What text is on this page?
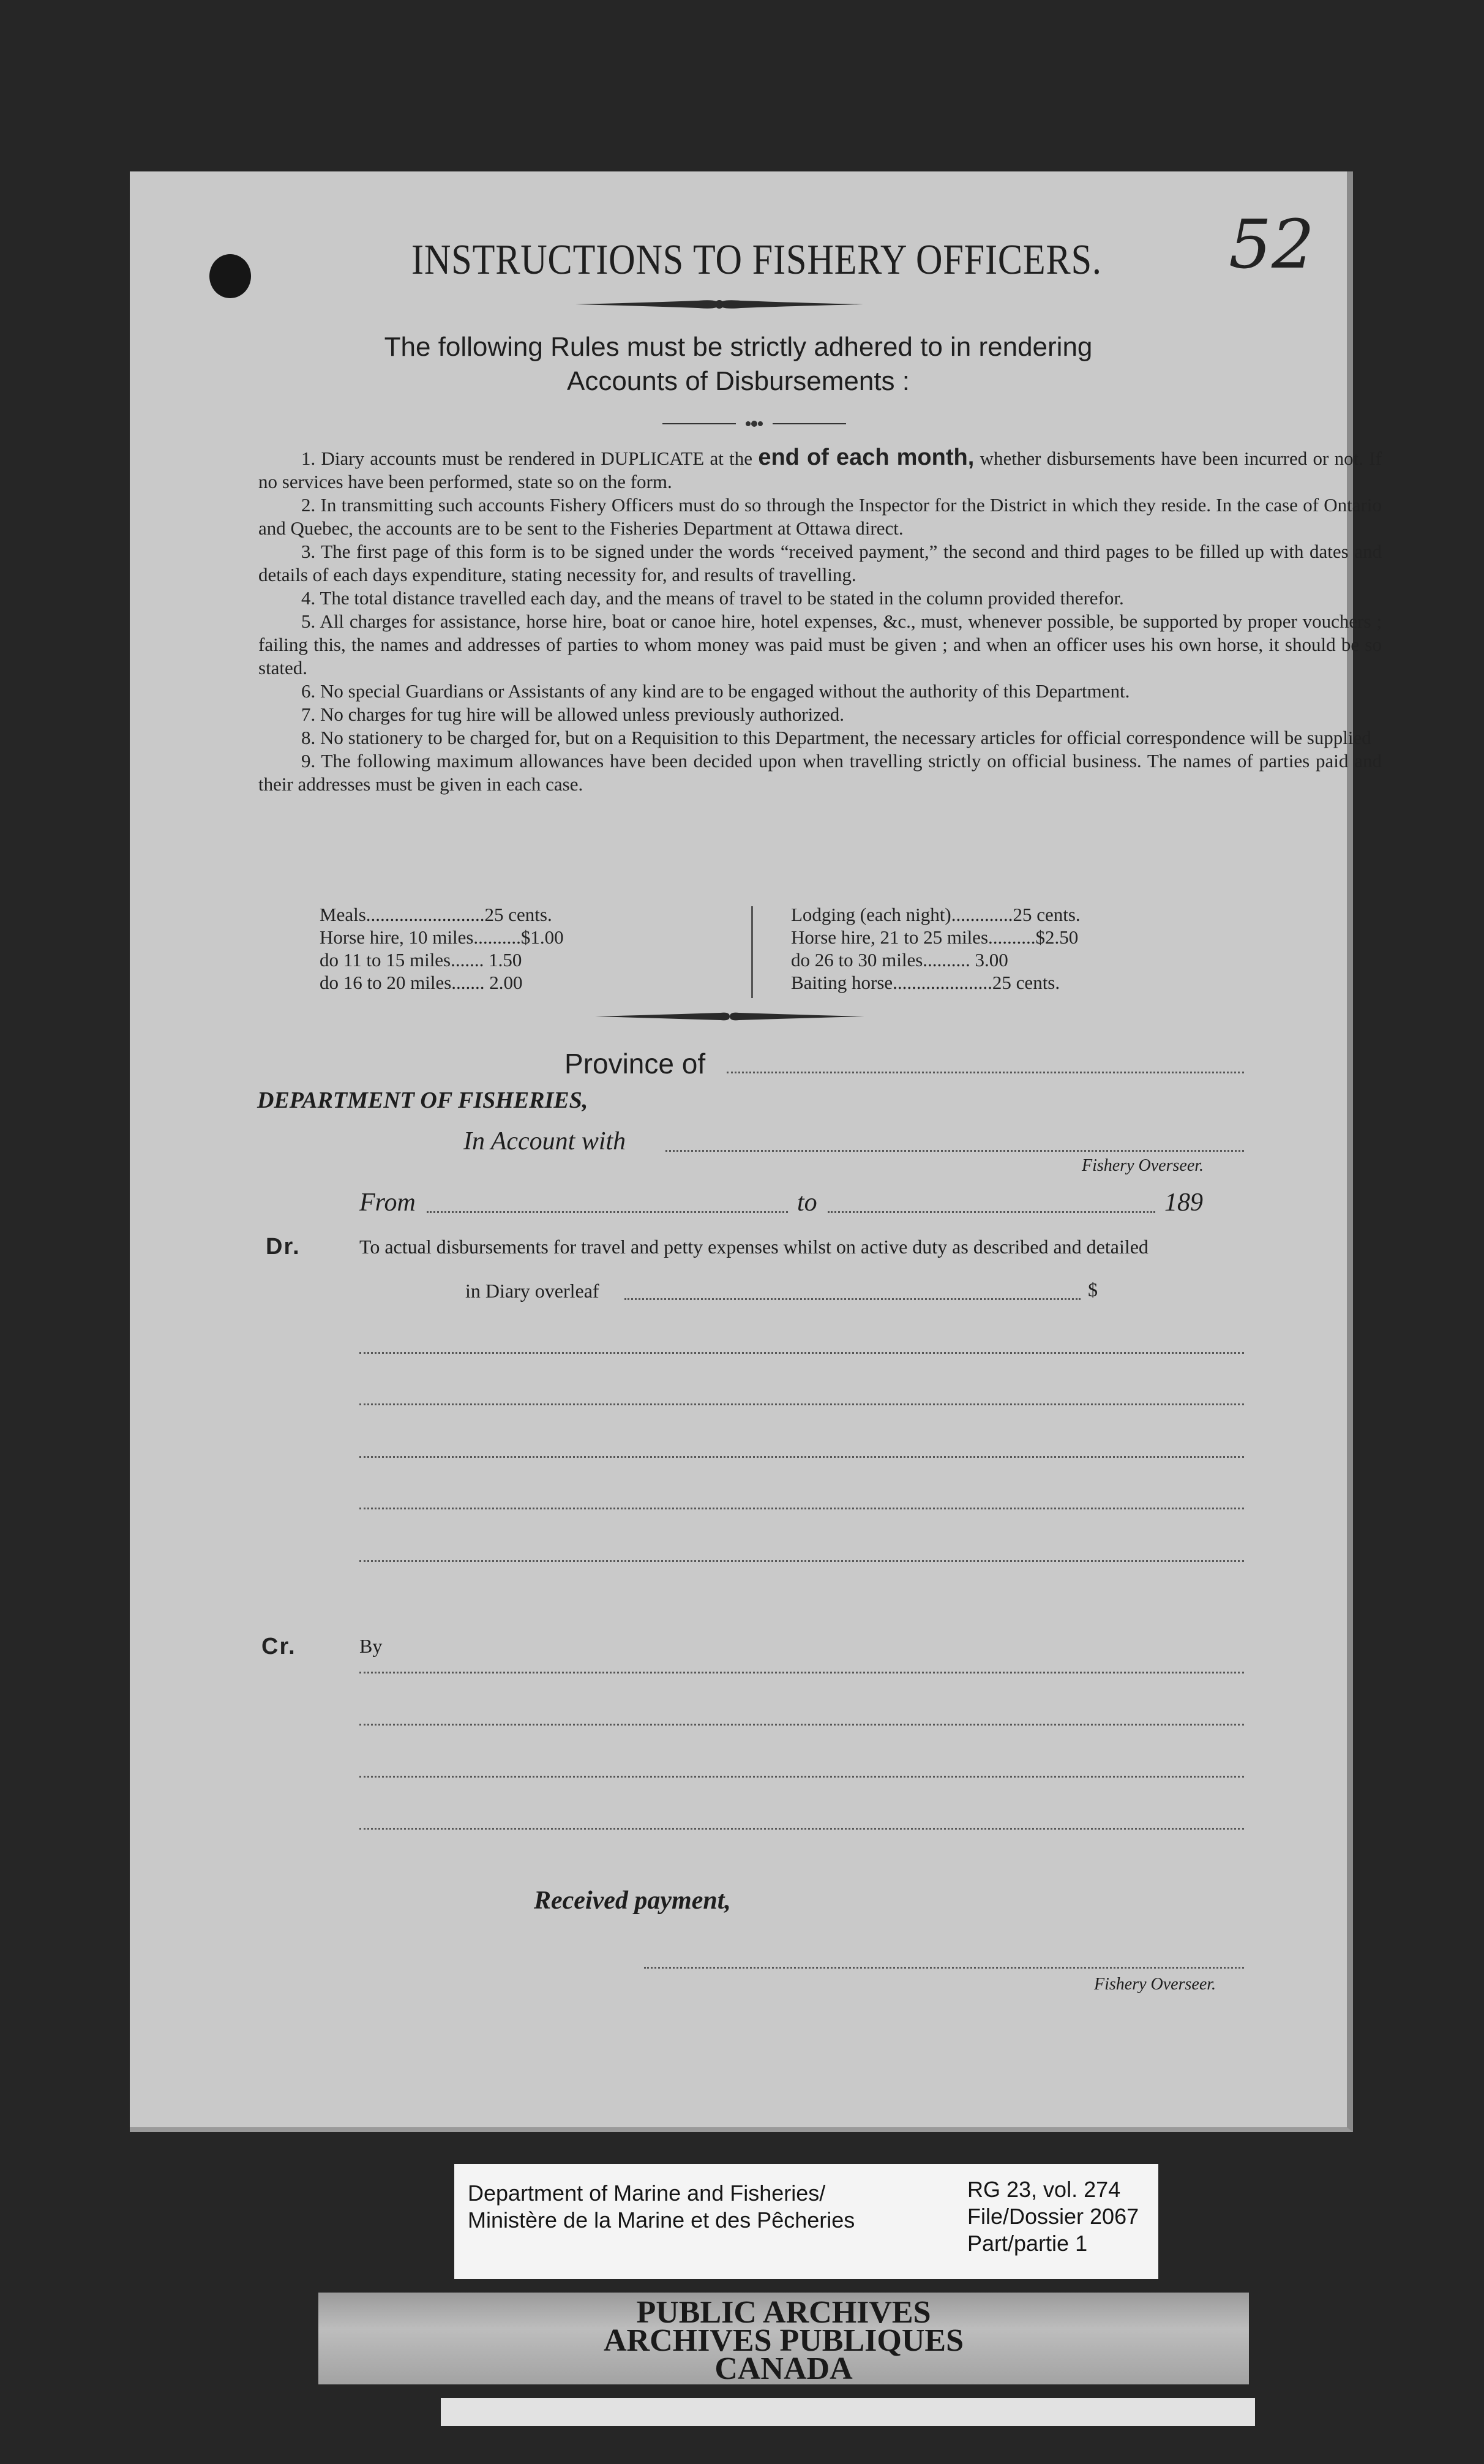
52
INSTRUCTIONS TO FISHERY OFFICERS.
The following Rules must be strictly adhered to in rendering
Accounts of Disbursements :

1. Diary accounts must be rendered in DUPLICATE at the end of each month, whether disbursements have been incurred or not. If no services have been performed, state so on the form.

2. In transmitting such accounts Fishery Officers must do so through the Inspector for the District in which they reside. In the case of Ontario and Quebec, the accounts are to be sent to the Fisheries Department at Ottawa direct.

3. The first page of this form is to be signed under the words “received payment,” the second and third pages to be filled up with dates and details of each days expenditure, stating necessity for, and results of travelling.

4. The total distance travelled each day, and the means of travel to be stated in the column provided therefor.

5. All charges for assistance, horse hire, boat or canoe hire, hotel expenses, &c., must, whenever possible, be supported by proper vouchers ; failing this, the names and addresses of parties to whom money was paid must be given ; and when an officer uses his own horse, it should be so stated.

6. No special Guardians or Assistants of any kind are to be engaged without the authority of this Department.

7. No charges for tug hire will be allowed unless previously authorized.

8. No stationery to be charged for, but on a Requisition to this Department, the necessary articles for official correspondence will be supplied

9. The following maximum allowances have been decided upon when travelling strictly on official business. The names of parties paid and their addresses must be given in each case.

Meals.........................25 cents.
Horse hire, 10 miles..........$1.00
do 11 to 15 miles....... 1.50
do 16 to 20 miles....... 2.00
Lodging (each night).............25 cents.
Horse hire, 21 to 25 miles..........$2.50
do 26 to 30 miles.......... 3.00
Baiting horse.....................25 cents.
Province of
DEPARTMENT OF FISHERIES,
In Account with
Fishery Overseer.
From	to	189
Dr.	To actual disbursements for travel and petty expenses whilst on active duty as described and detailed
in Diary overleaf	$
Cr.	By
Received payment,
Fishery Overseer.
Department of Marine and Fisheries/
Ministère de la Marine et des Pêcheries
RG 23, vol. 274
File/Dossier 2067
Part/partie 1
PUBLIC ARCHIVES
ARCHIVES PUBLIQUES
CANADA
